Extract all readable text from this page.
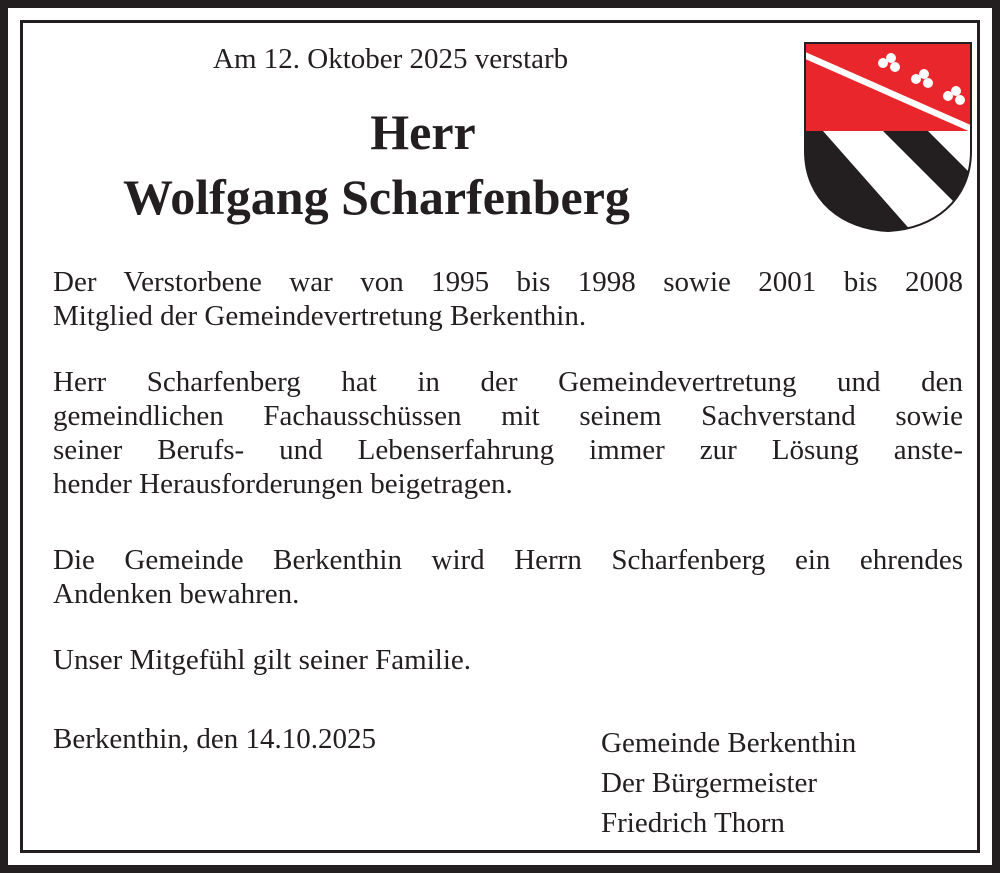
Am 12. Oktober 2025 verstarb
Herr
Wolfgang Scharfenberg
Der Verstorbene war von 1995 bis 1998 sowie 2001 bis 2008
Mitglied der Gemeindevertretung Berkenthin.
Herr Scharfenberg hat in der Gemeindevertretung und den
gemeindlichen Fachausschüssen mit seinem Sachverstand sowie
seiner Berufs- und Lebenserfahrung immer zur Lösung anste-
hender Herausforderungen beigetragen.
Die Gemeinde Berkenthin wird Herrn Scharfenberg ein ehrendes
Andenken bewahren.
Unser Mitgefühl gilt seiner Familie.
Berkenthin, den 14.10.2025	Gemeinde Berkenthin
Der Bürgermeister
Friedrich Thorn
